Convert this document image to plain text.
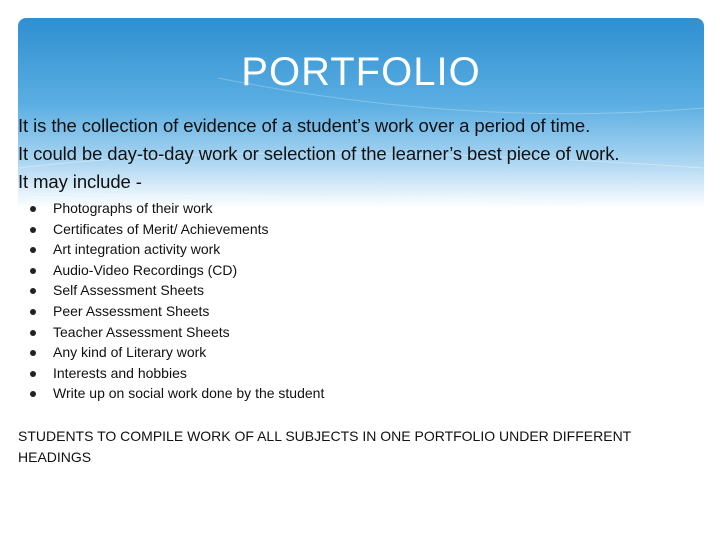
PORTFOLIO

It is the collection of evidence of a student’s work over a period of time.

It could be day-to-day work or selection of the learner’s best piece of work.

It may include -

Photographs of their work
Certificates of Merit/ Achievements
Art integration activity work
Audio-Video Recordings (CD)
Self Assessment Sheets
Peer Assessment Sheets
Teacher Assessment Sheets
Any kind of Literary work
Interests and hobbies
Write up on social work done by the student

STUDENTS TO COMPILE WORK OF ALL SUBJECTS IN ONE PORTFOLIO UNDER DIFFERENT HEADINGS
